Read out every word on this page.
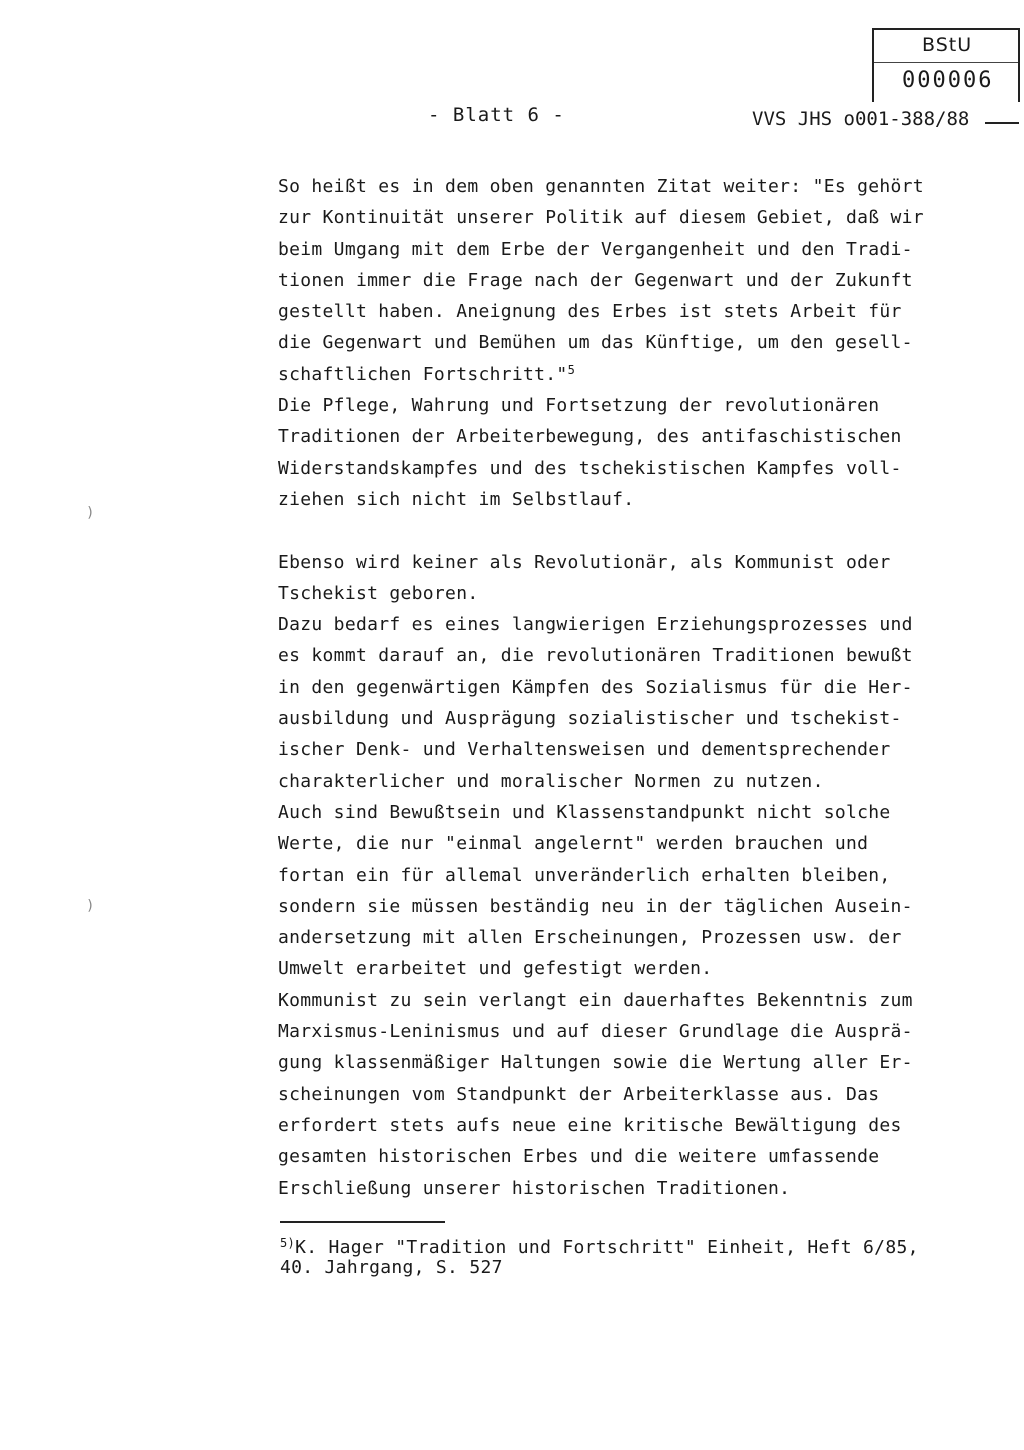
BStU
000006
- Blatt 6 -	VVS JHS o001-388/88
)
)
So heißt es in dem oben genannten Zitat weiter: "Es gehört
zur Kontinuität unserer Politik auf diesem Gebiet, daß wir
beim Umgang mit dem Erbe der Vergangenheit und den Tradi-
tionen immer die Frage nach der Gegenwart und der Zukunft
gestellt haben. Aneignung des Erbes ist stets Arbeit für
die Gegenwart und Bemühen um das Künftige, um den gesell-
schaftlichen Fortschritt."$^5$
Die Pflege, Wahrung und Fortsetzung der revolutionären
Traditionen der Arbeiterbewegung, des antifaschistischen
Widerstandskampfes und des tschekistischen Kampfes voll-
ziehen sich nicht im Selbstlauf.
Ebenso wird keiner als Revolutionär, als Kommunist oder
Tschekist geboren.
Dazu bedarf es eines langwierigen Erziehungsprozesses und
es kommt darauf an, die revolutionären Traditionen bewußt
in den gegenwärtigen Kämpfen des Sozialismus für die Her-
ausbildung und Ausprägung sozialistischer und tschekist-
ischer Denk- und Verhaltensweisen und dementsprechender
charakterlicher und moralischer Normen zu nutzen.
Auch sind Bewußtsein und Klassenstandpunkt nicht solche
Werte, die nur "einmal angelernt" werden brauchen und
fortan ein für allemal unveränderlich erhalten bleiben,
sondern sie müssen beständig neu in der täglichen Ausein-
andersetzung mit allen Erscheinungen, Prozessen usw. der
Umwelt erarbeitet und gefestigt werden.
Kommunist zu sein verlangt ein dauerhaftes Bekenntnis zum
Marxismus-Leninismus und auf dieser Grundlage die Ausprä-
gung klassenmäßiger Haltungen sowie die Wertung aller Er-
scheinungen vom Standpunkt der Arbeiterklasse aus. Das
erfordert stets aufs neue eine kritische Bewältigung des
gesamten historischen Erbes und die weitere umfassende
Erschließung unserer historischen Traditionen.
$^{5)}$K. Hager "Tradition und Fortschritt" Einheit, Heft 6/85,
40. Jahrgang, S. 527
